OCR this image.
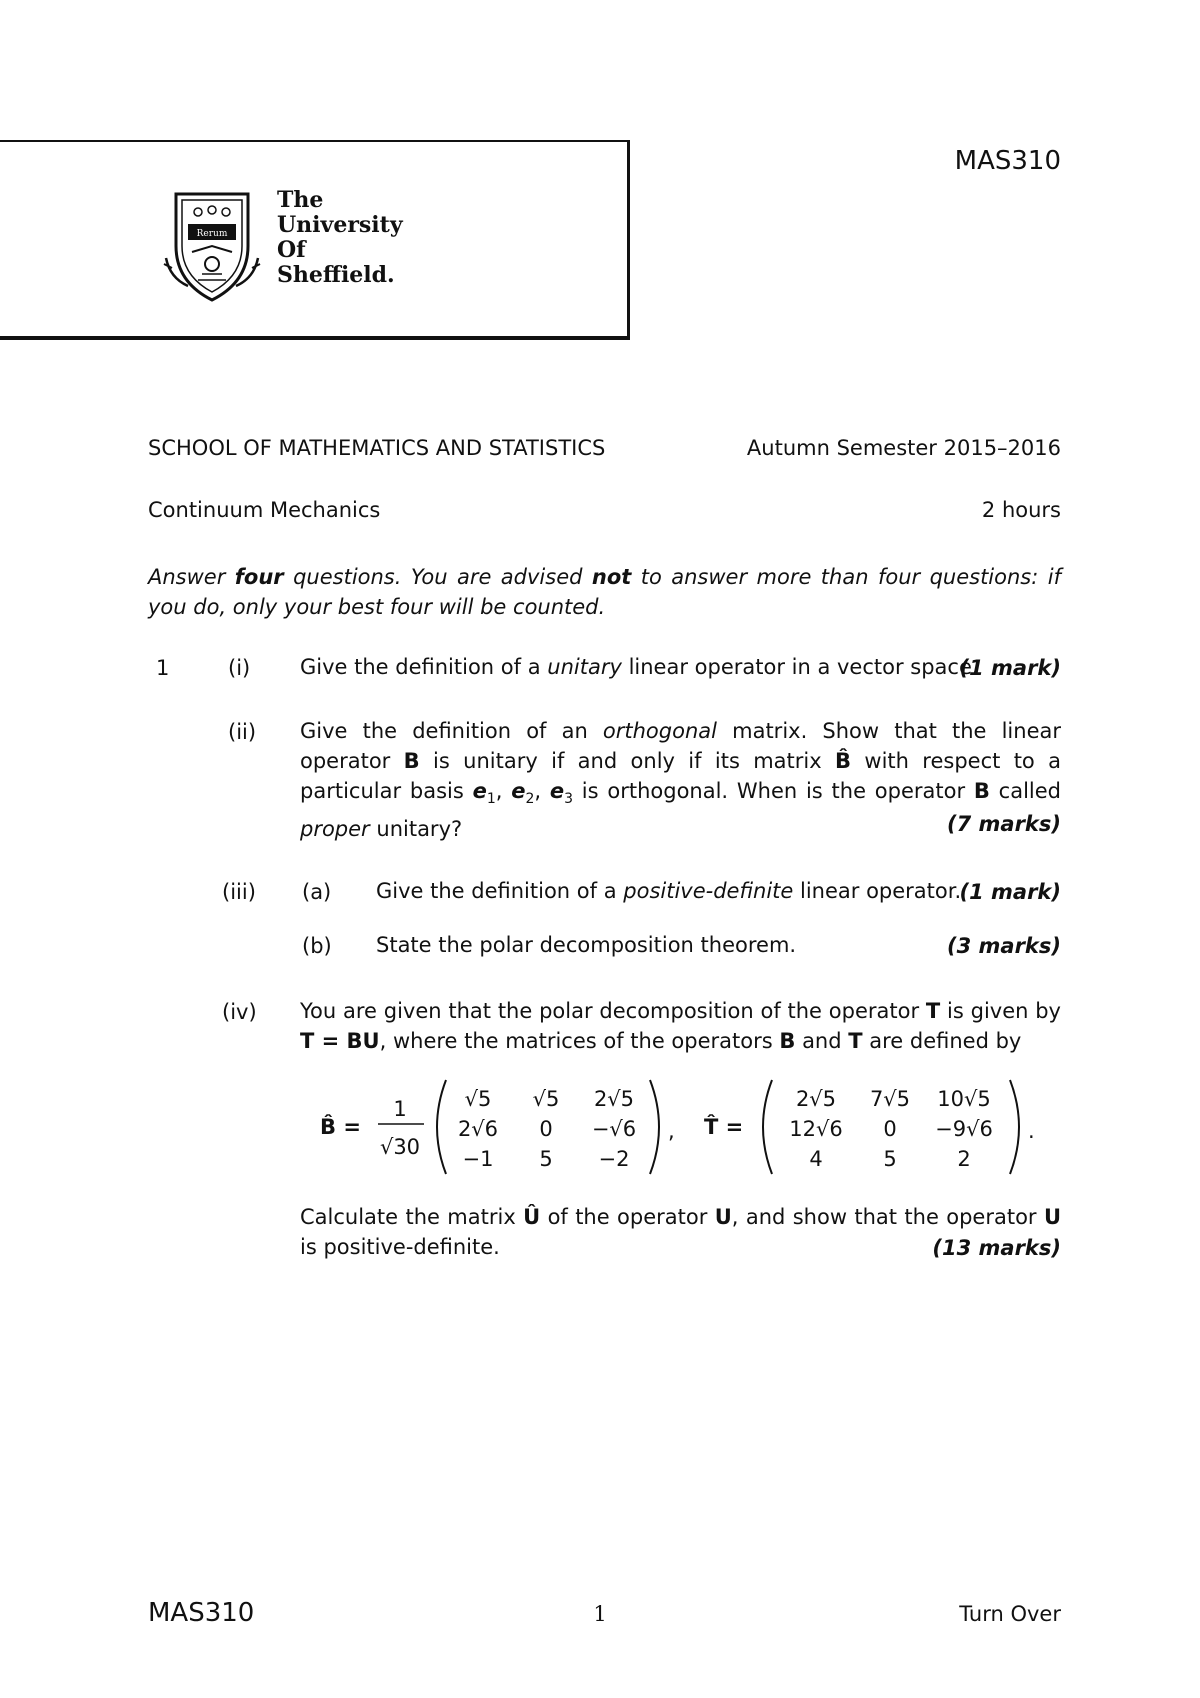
Rerum
The
University
Of
Sheffield.
MAS310
SCHOOL OF MATHEMATICS AND STATISTICS	Autumn Semester 2015–2016
Continuum Mechanics	2 hours
Answer four questions. You are advised not to answer more than four questions: if you do, only your best four will be counted.
1	(i) Give the definition of a unitary linear operator in a vector space.
(1 mark)
(ii) Give the definition of an orthogonal matrix. Show that the linear operator B is unitary if and only if its matrix B̂ with respect to a particular basis $e_1$, $e_2$, $e_3$ is orthogonal. When is the operator B called proper unitary?	(7 marks)
(iii) (a) Give the definition of a positive-definite linear operator.
(1 mark)
(b) State the polar decomposition theorem.	(3 marks)
(iv) You are given that the polar decomposition of the operator T is given by T = BU, where the matrices of the operators B and T are defined by
B̂ =
1
√30
√5 √5 2√5
2√6 0 −√6
−1 5 −2
, T̂ =
2√5 7√5 10√5
12√6 0 −9√6
4	5	2
.
Calculate the matrix Û of the operator U, and show that the operator U is positive-definite.	(13 marks)
MAS310	1	Turn Over
